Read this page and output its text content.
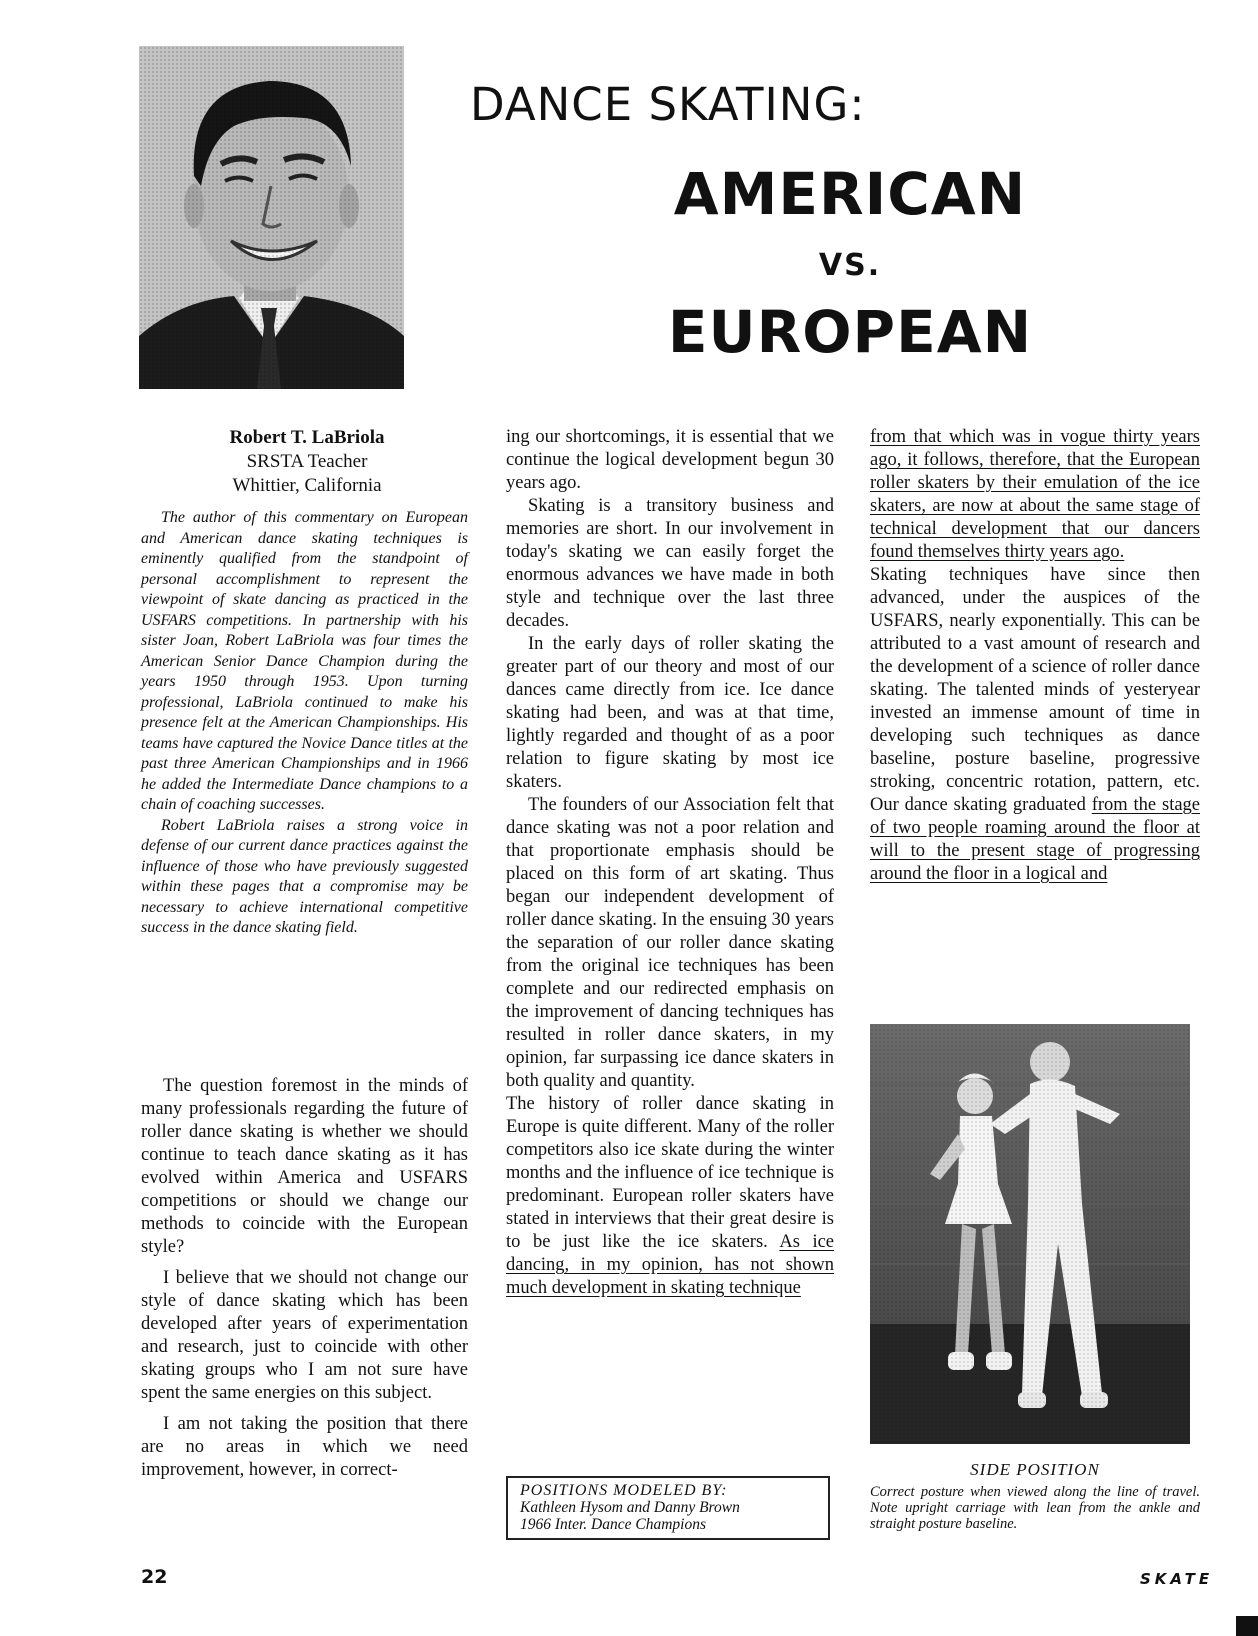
DANCE SKATING:
AMERICAN
VS.
EUROPEAN
Robert T. LaBriola
SRSTA Teacher
Whittier, California

The author of this commentary on European and American dance skating techniques is eminently qualified from the standpoint of personal accomplishment to represent the viewpoint of skate dancing as practiced in the USFARS competitions. In partnership with his sister Joan, Robert LaBriola was four times the American Senior Dance Champion during the years 1950 through 1953. Upon turning professional, LaBriola continued to make his presence felt at the American Championships. His teams have captured the Novice Dance titles at the past three American Championships and in 1966 he added the Intermediate Dance champions to a chain of coaching successes.

Robert LaBriola raises a strong voice in defense of our current dance practices against the influence of those who have previously suggested within these pages that a compromise may be necessary to achieve international competitive success in the dance skating field.

The question foremost in the minds of many professionals regarding the future of roller dance skating is whether we should continue to teach dance skating as it has evolved within America and USFARS competitions or should we change our methods to coincide with the European style?

I believe that we should not change our style of dance skating which has been developed after years of experimentation and research, just to coincide with other skating groups who I am not sure have spent the same energies on this subject.

I am not taking the position that there are no areas in which we need improvement, however, in correct-

ing our shortcomings, it is essential that we continue the logical development begun 30 years ago.

Skating is a transitory business and memories are short. In our involvement in today's skating we can easily forget the enormous advances we have made in both style and technique over the last three decades.

In the early days of roller skating the greater part of our theory and most of our dances came directly from ice. Ice dance skating had been, and was at that time, lightly regarded and thought of as a poor relation to figure skating by most ice skaters.

The founders of our Association felt that dance skating was not a poor relation and that proportionate emphasis should be placed on this form of art skating. Thus began our independent development of roller dance skating. In the ensuing 30 years the separation of our roller dance skating from the original ice techniques has been complete and our redirected emphasis on the improvement of dancing techniques has resulted in roller dance skaters, in my opinion, far surpassing ice dance skaters in both quality and quantity.

The history of roller dance skating in Europe is quite different. Many of the roller competitors also ice skate during the winter months and the influence of ice technique is predominant. European roller skaters have stated in interviews that their great desire is to be just like the ice skaters. As ice dancing, in my opinion, has not shown much development in skating technique

from that which was in vogue thirty years ago, it follows, therefore, that the European roller skaters by their emulation of the ice skaters, are now at about the same stage of technical development that our dancers found themselves thirty years ago.

Skating techniques have since then advanced, under the auspices of the USFARS, nearly exponentially. This can be attributed to a vast amount of research and the development of a science of roller dance skating. The talented minds of yesteryear invested an immense amount of time in developing such techniques as dance baseline, posture baseline, progressive stroking, concentric rotation, pattern, etc. Our dance skating graduated from the stage of two people roaming around the floor at will to the present stage of progressing around the floor in a logical and
POSITIONS MODELED BY:
Kathleen Hysom and Danny Brown
1966 Inter. Dance Champions
SIDE POSITION
Correct posture when viewed along the line of travel. Note upright carriage with lean from the ankle and straight posture baseline.
22	SKATE
